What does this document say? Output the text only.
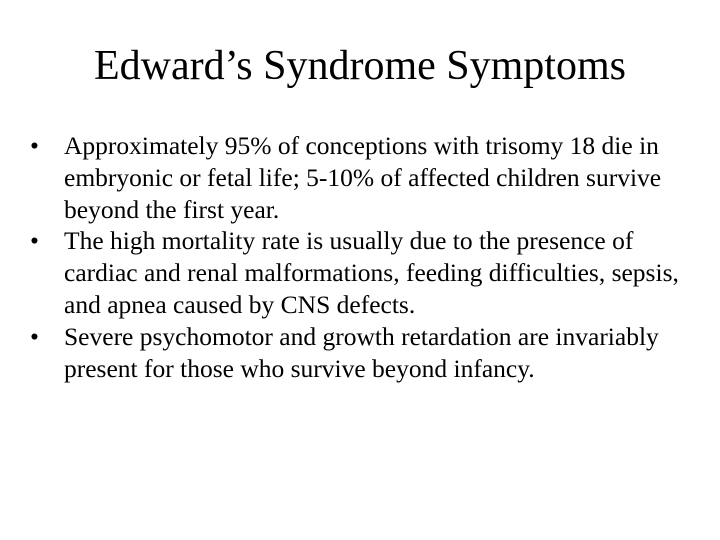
Edward’s Syndrome Symptoms
• Approximately 95% of conceptions with trisomy 18 die in embryonic or fetal life; 5-10% of affected children survive beyond the first year.
• The high mortality rate is usually due to the presence of cardiac and renal malformations, feeding difficulties, sepsis, and apnea caused by CNS defects.
• Severe psychomotor and growth retardation are invariably present for those who survive beyond infancy.
